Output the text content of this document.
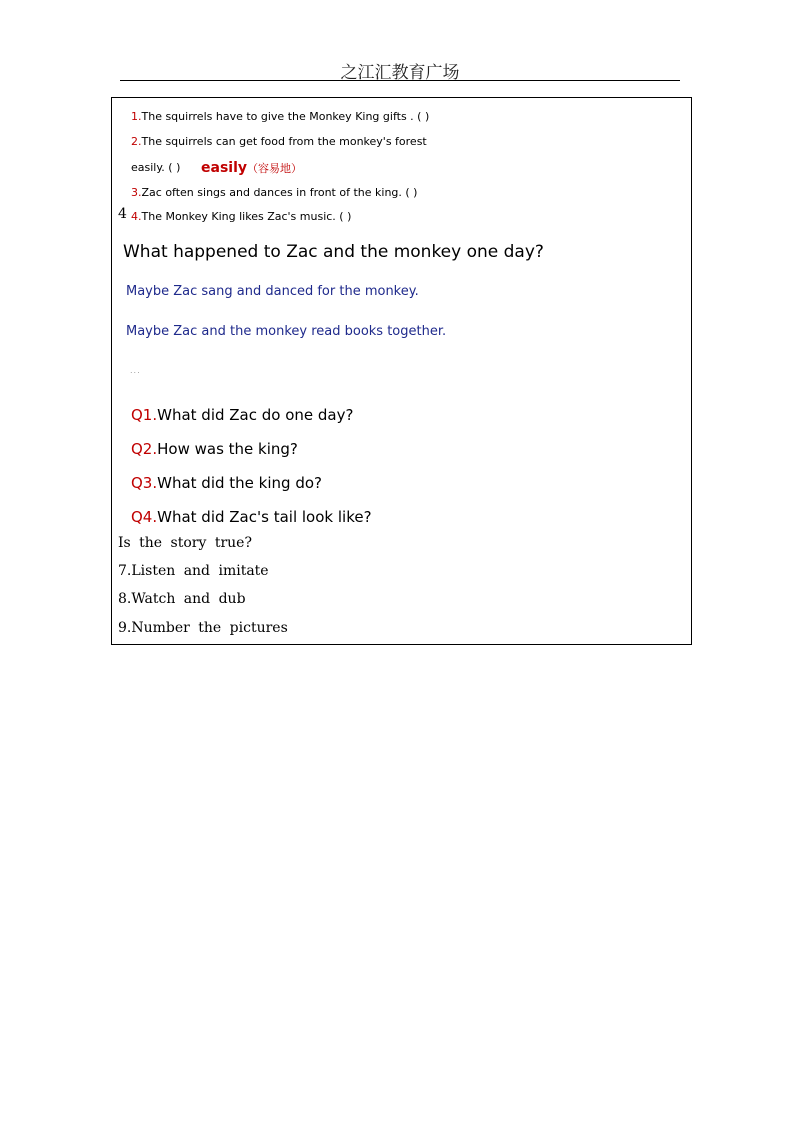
之江汇教育广场
1.The squirrels have to give the Monkey King gifts . ( )
2.The squirrels can get food from the monkey's forest
easily. ( ) easily（容易地）
3.Zac often sings and dances in front of the king. ( )
4 4.The Monkey King likes Zac's music. ( )
What happened to Zac and the monkey one day?
Maybe Zac sang and danced for the monkey.
Maybe Zac and the monkey read books together.
...
Q1.What did Zac do one day?
Q2.How was the king?
Q3.What did the king do?
Q4.What did Zac's tail look like?
Is the story true?
7.Listen and imitate
8.Watch and dub
9.Number the pictures
